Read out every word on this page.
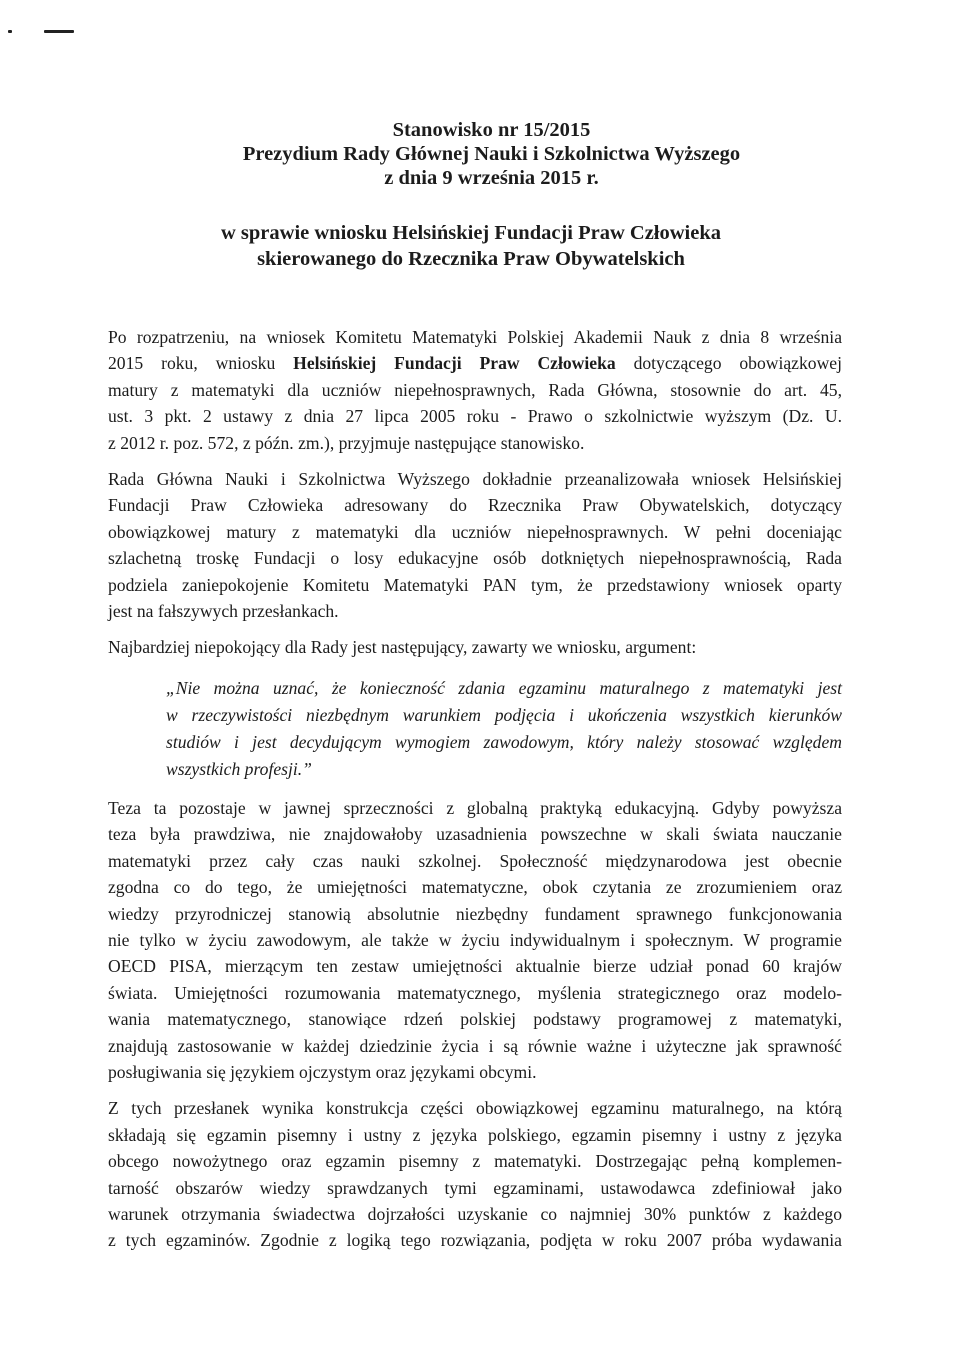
Stanowisko nr 15/2015
Prezydium Rady Głównej Nauki i Szkolnictwa Wyższego
z dnia 9 września 2015 r.
w sprawie wniosku Helsińskiej Fundacji Praw Człowieka
skierowanego do Rzecznika Praw Obywatelskich
Po rozpatrzeniu, na wniosek Komitetu Matematyki Polskiej Akademii Nauk z dnia 8 września
2015 roku, wniosku Helsińskiej Fundacji Praw Człowieka dotyczącego obowiązkowej
matury z matematyki dla uczniów niepełnosprawnych, Rada Główna, stosownie do art. 45,
ust. 3 pkt. 2 ustawy z dnia 27 lipca 2005 roku - Prawo o szkolnictwie wyższym (Dz. U.
z 2012 r. poz. 572, z późn. zm.), przyjmuje następujące stanowisko.
Rada Główna Nauki i Szkolnictwa Wyższego dokładnie przeanalizowała wniosek Helsińskiej
Fundacji Praw Człowieka adresowany do Rzecznika Praw Obywatelskich, dotyczący
obowiązkowej matury z matematyki dla uczniów niepełnosprawnych. W pełni doceniając
szlachetną troskę Fundacji o losy edukacyjne osób dotkniętych niepełnosprawnością, Rada
podziela zaniepokojenie Komitetu Matematyki PAN tym, że przedstawiony wniosek oparty
jest na fałszywych przesłankach.
Najbardziej niepokojący dla Rady jest następujący, zawarty we wniosku, argument:
„Nie można uznać, że konieczność zdania egzaminu maturalnego z matematyki jest
w rzeczywistości niezbędnym warunkiem podjęcia i ukończenia wszystkich kierunków
studiów i jest decydującym wymogiem zawodowym, który należy stosować względem
wszystkich profesji.”
Teza ta pozostaje w jawnej sprzeczności z globalną praktyką edukacyjną. Gdyby powyższa
teza była prawdziwa, nie znajdowałoby uzasadnienia powszechne w skali świata nauczanie
matematyki przez cały czas nauki szkolnej. Społeczność międzynarodowa jest obecnie
zgodna co do tego, że umiejętności matematyczne, obok czytania ze zrozumieniem oraz
wiedzy przyrodniczej stanowią absolutnie niezbędny fundament sprawnego funkcjonowania
nie tylko w życiu zawodowym, ale także w życiu indywidualnym i społecznym. W programie
OECD PISA, mierzącym ten zestaw umiejętności aktualnie bierze udział ponad 60 krajów
świata. Umiejętności rozumowania matematycznego, myślenia strategicznego oraz modelo-
wania matematycznego, stanowiące rdzeń polskiej podstawy programowej z matematyki,
znajdują zastosowanie w każdej dziedzinie życia i są równie ważne i użyteczne jak sprawność
posługiwania się językiem ojczystym oraz językami obcymi.
Z tych przesłanek wynika konstrukcja części obowiązkowej egzaminu maturalnego, na którą
składają się egzamin pisemny i ustny z języka polskiego, egzamin pisemny i ustny z języka
obcego nowożytnego oraz egzamin pisemny z matematyki. Dostrzegając pełną komplemen-
tarność obszarów wiedzy sprawdzanych tymi egzaminami, ustawodawca zdefiniował jako
warunek otrzymania świadectwa dojrzałości uzyskanie co najmniej 30% punktów z każdego
z tych egzaminów. Zgodnie z logiką tego rozwiązania, podjęta w roku 2007 próba wydawania
